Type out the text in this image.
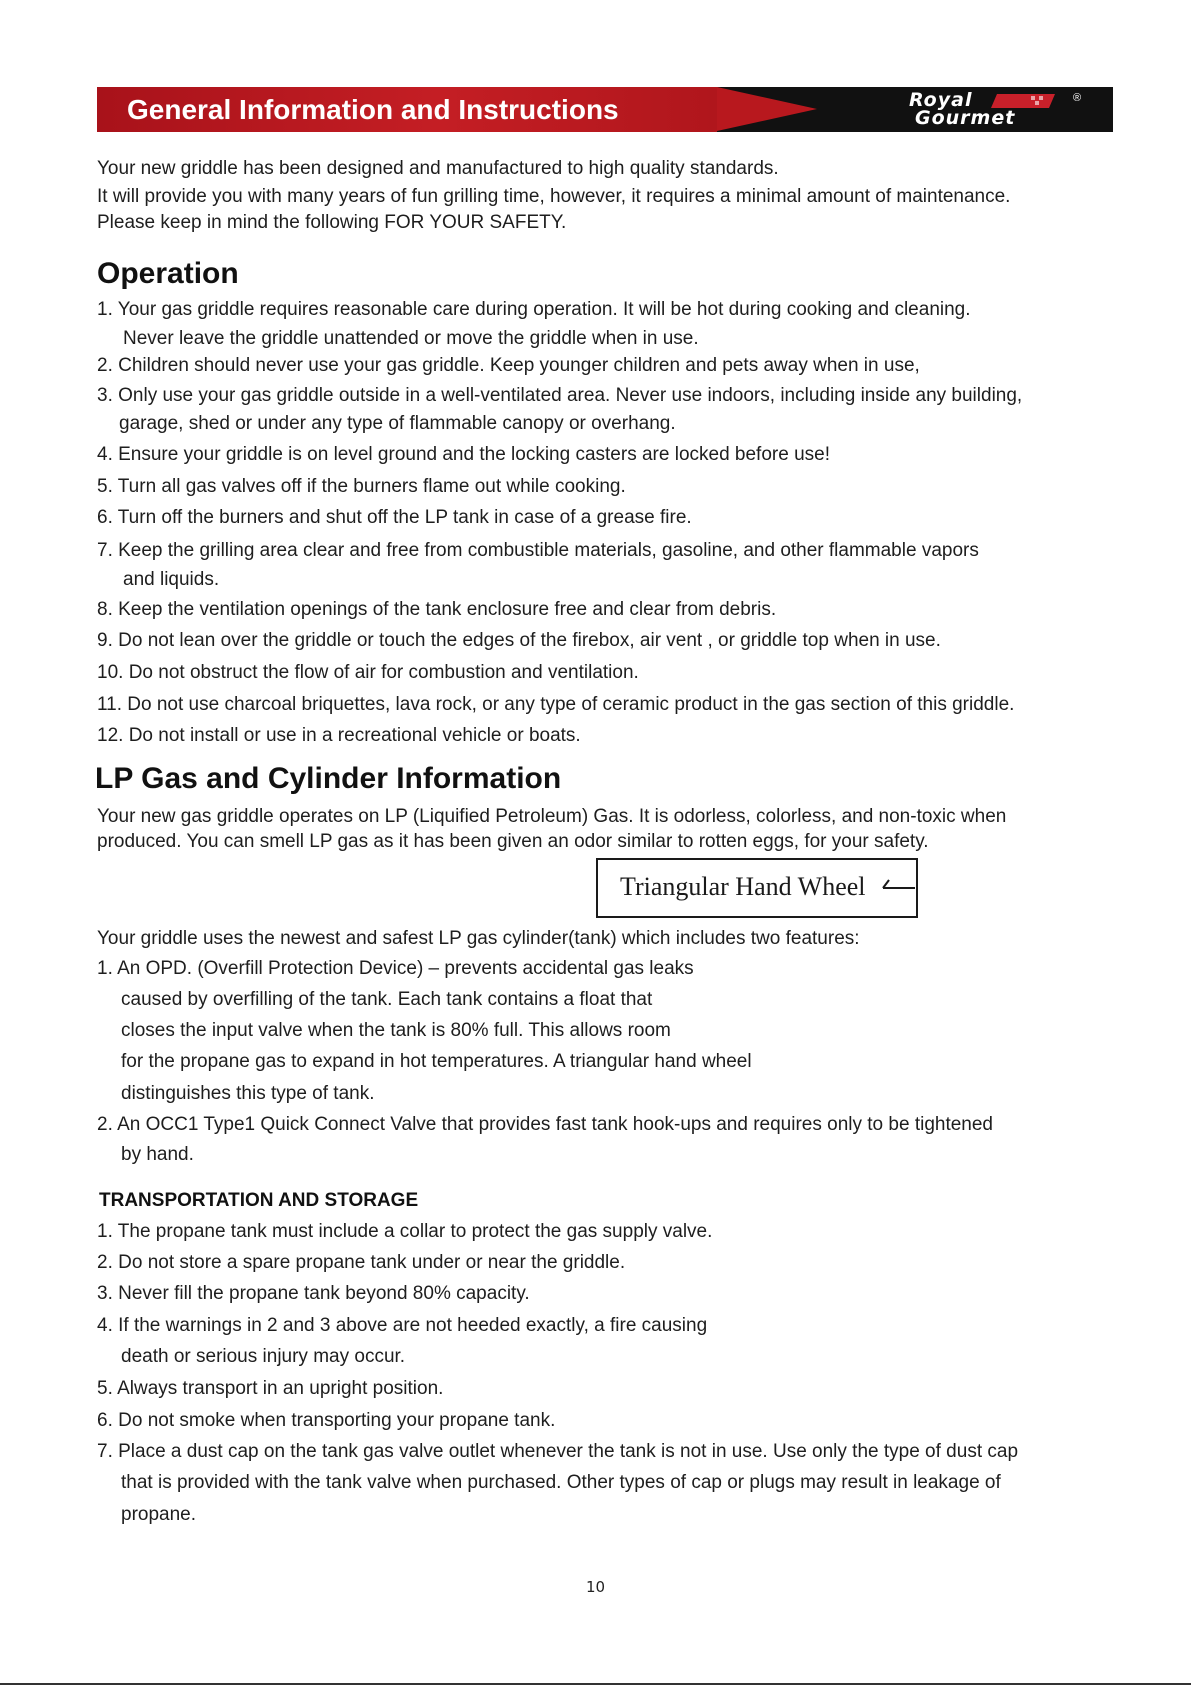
General Information and Instructions	Royal
Gourmet
®
Your new griddle has been designed and manufactured to high quality standards.
It will provide you with many years of fun grilling time, however, it requires a minimal amount of maintenance.
Please keep in mind the following FOR YOUR SAFETY.
Operation
1. Your gas griddle requires reasonable care during operation. It will be hot during cooking and cleaning.
Never leave the griddle unattended or move the griddle when in use.
2. Children should never use your gas griddle. Keep younger children and pets away when in use,
3. Only use your gas griddle outside in a well-ventilated area. Never use indoors, including inside any building,
garage, shed or under any type of flammable canopy or overhang.
4. Ensure your griddle is on level ground and the locking casters are locked before use!
5. Turn all gas valves off if the burners flame out while cooking.
6. Turn off the burners and shut off the LP tank in case of a grease fire.
7. Keep the grilling area clear and free from combustible materials, gasoline, and other flammable vapors
and liquids.
8. Keep the ventilation openings of the tank enclosure free and clear from debris.
9. Do not lean over the griddle or touch the edges of the firebox, air vent , or griddle top when in use.
10. Do not obstruct the flow of air for combustion and ventilation.
11. Do not use charcoal briquettes, lava rock, or any type of ceramic product in the gas section of this griddle.
12. Do not install or use in a recreational vehicle or boats.
LP Gas and Cylinder Information
Your new gas griddle operates on LP (Liquified Petroleum) Gas. It is odorless, colorless, and non-toxic when
produced. You can smell LP gas as it has been given an odor similar to rotten eggs, for your safety.
Triangular Hand Wheel
Your griddle uses the newest and safest LP gas cylinder(tank) which includes two features:
1. An OPD. (Overfill Protection Device) – prevents accidental gas leaks
caused by overfilling of the tank. Each tank contains a float that
closes the input valve when the tank is 80% full. This allows room
for the propane gas to expand in hot temperatures. A triangular hand wheel
distinguishes this type of tank.
2. An OCC1 Type1 Quick Connect Valve that provides fast tank hook-ups and requires only to be tightened
by hand.
TRANSPORTATION AND STORAGE
1. The propane tank must include a collar to protect the gas supply valve.
2. Do not store a spare propane tank under or near the griddle.
3. Never fill the propane tank beyond 80% capacity.
4. If the warnings in 2 and 3 above are not heeded exactly, a fire causing
death or serious injury may occur.
5. Always transport in an upright position.
6. Do not smoke when transporting your propane tank.
7. Place a dust cap on the tank gas valve outlet whenever the tank is not in use. Use only the type of dust cap
that is provided with the tank valve when purchased. Other types of cap or plugs may result in leakage of
propane.
10
